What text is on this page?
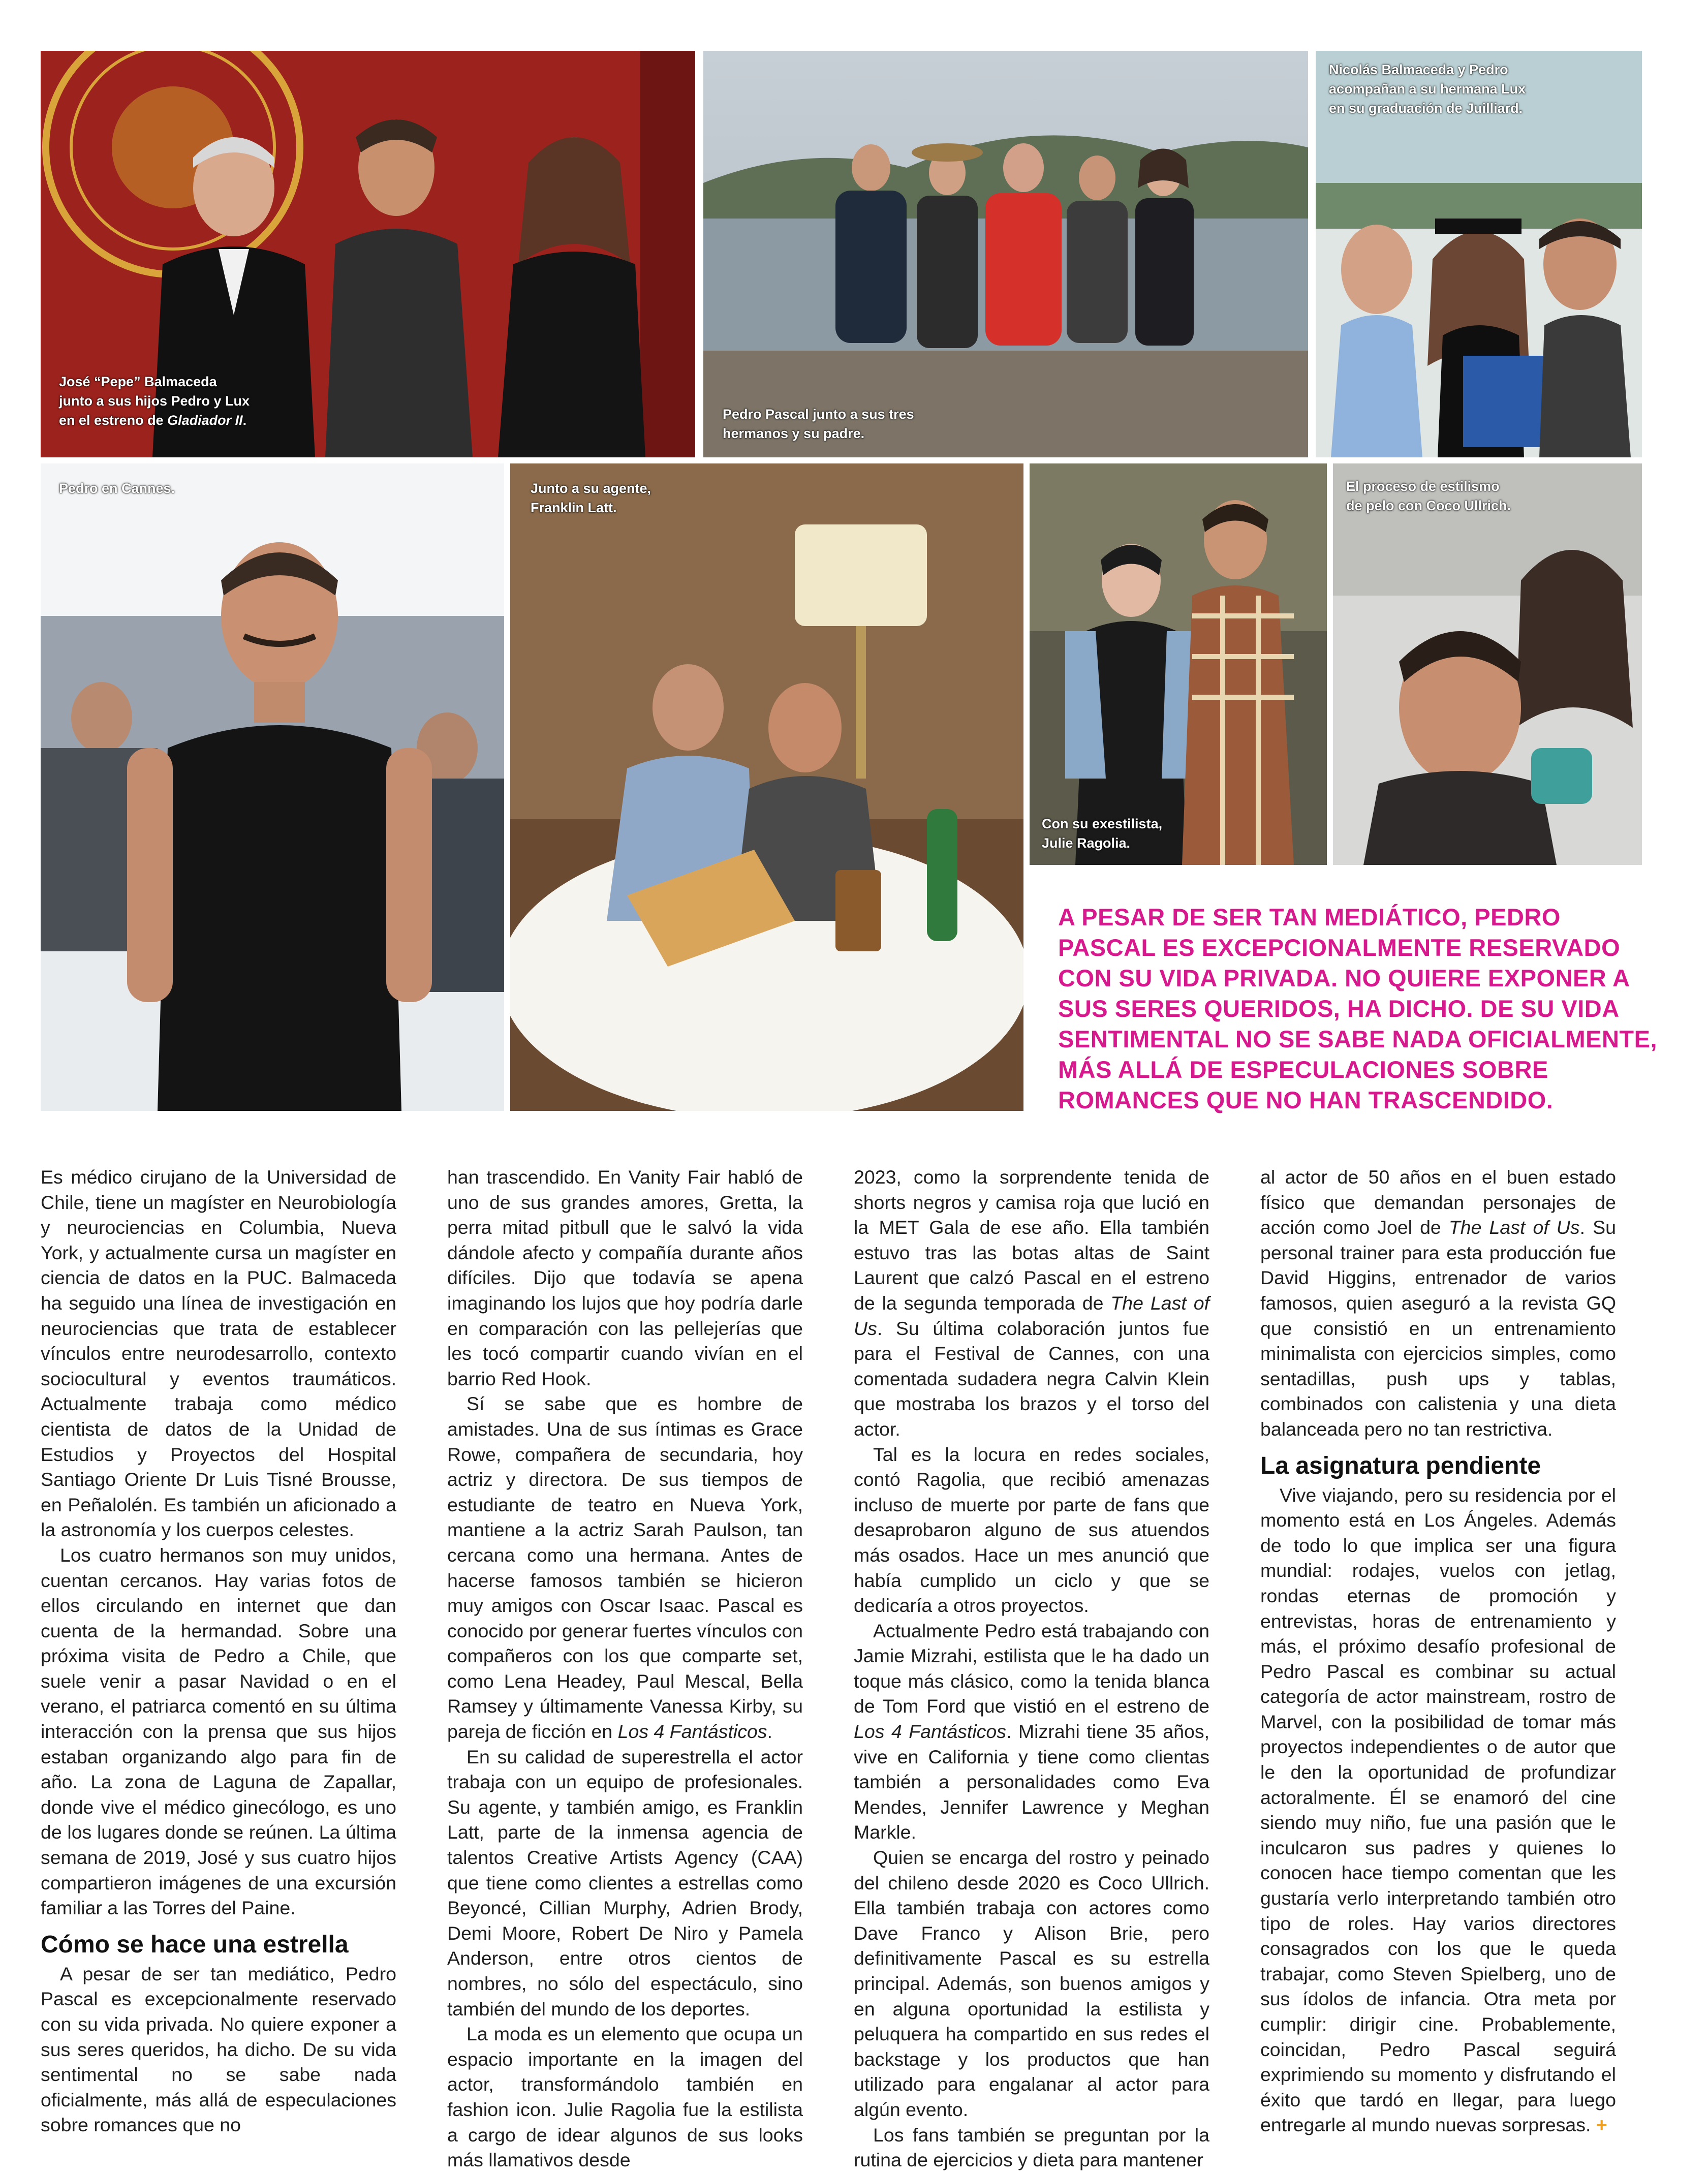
José “Pepe” Balmaceda
junto a sus hijos Pedro y Lux
en el estreno de Gladiador II.	Pedro Pascal junto a sus tres
hermanos y su padre.
Nicolás Balmaceda y Pedro
acompañan a su hermana Lux
en su graduación de Juilliard.
Pedro en Cannes.	Junto a su agente,
Franklin Latt.
Con su exestilista,
Julie Ragolia.
El proceso de estilismo
de pelo con Coco Ullrich.
A PESAR DE SER TAN MEDIÁTICO, PEDRO PASCAL ES EXCEPCIONALMENTE RESERVADO CON SU VIDA PRIVADA. NO QUIERE EXPONER A SUS SERES QUERIDOS, HA DICHO. DE SU VIDA SENTIMENTAL NO SE SABE NADA OFICIALMENTE, MÁS ALLÁ DE ESPECULACIONES SOBRE ROMANCES QUE NO HAN TRASCENDIDO.

Es médico cirujano de la Universidad de Chile, tiene un magíster en Neurobiología y neurociencias en Columbia, Nueva York, y actualmente cursa un magíster en ciencia de datos en la PUC. Balmaceda ha seguido una línea de investigación en neurociencias que trata de establecer vínculos entre neurodesarrollo, contexto sociocultural y eventos traumáticos. Actualmente trabaja como médico cientista de datos de la Unidad de Estudios y Proyectos del Hospital Santiago Oriente Dr Luis Tisné Brousse, en Peñalolén. Es también un aficionado a la astronomía y los cuerpos celestes.

Los cuatro hermanos son muy unidos, cuentan cercanos. Hay varias fotos de ellos circulando en internet que dan cuenta de la hermandad. Sobre una próxima visita de Pedro a Chile, que suele venir a pasar Navidad o en el verano, el patriarca comentó en su última interacción con la prensa que sus hijos estaban organizando algo para fin de año. La zona de Laguna de Zapallar, donde vive el médico ginecólogo, es uno de los lugares donde se reúnen. La última semana de 2019, José y sus cuatro hijos compartieron imágenes de una excursión familiar a las Torres del Paine.

Cómo se hace una estrella

A pesar de ser tan mediático, Pedro Pascal es excepcionalmente reservado con su vida privada. No quiere exponer a sus seres queridos, ha dicho. De su vida sentimental no se sabe nada oficialmente, más allá de especulaciones sobre romances que no

han trascendido. En Vanity Fair habló de uno de sus grandes amores, Gretta, la perra mitad pitbull que le salvó la vida dándole afecto y compañía durante años difíciles. Dijo que todavía se apena imaginando los lujos que hoy podría darle en comparación con las pellejerías que les tocó compartir cuando vivían en el barrio Red Hook.

Sí se sabe que es hombre de amistades. Una de sus íntimas es Grace Rowe, compañera de secundaria, hoy actriz y directora. De sus tiempos de estudiante de teatro en Nueva York, mantiene a la actriz Sarah Paulson, tan cercana como una hermana. Antes de hacerse famosos también se hicieron muy amigos con Oscar Isaac. Pascal es conocido por generar fuertes vínculos con compañeros con los que comparte set, como Lena Headey, Paul Mescal, Bella Ramsey y últimamente Vanessa Kirby, su pareja de ficción en Los 4 Fantásticos.

En su calidad de superestrella el actor trabaja con un equipo de profesionales. Su agente, y también amigo, es Franklin Latt, parte de la inmensa agencia de talentos Creative Artists Agency (CAA) que tiene como clientes a estrellas como Beyoncé, Cillian Murphy, Adrien Brody, Demi Moore, Robert De Niro y Pamela Anderson, entre otros cientos de nombres, no sólo del espectáculo, sino también del mundo de los deportes.

La moda es un elemento que ocupa un espacio importante en la imagen del actor, transformándolo también en fashion icon. Julie Ragolia fue la estilista a cargo de idear algunos de sus looks más llamativos desde

2023, como la sorprendente tenida de shorts negros y camisa roja que lució en la MET Gala de ese año. Ella también estuvo tras las botas altas de Saint Laurent que calzó Pascal en el estreno de la segunda temporada de The Last of Us. Su última colaboración juntos fue para el Festival de Cannes, con una comentada sudadera negra Calvin Klein que mostraba los brazos y el torso del actor.

Tal es la locura en redes sociales, contó Ragolia, que recibió amenazas incluso de muerte por parte de fans que desaprobaron alguno de sus atuendos más osados. Hace un mes anunció que había cumplido un ciclo y que se dedicaría a otros proyectos.

Actualmente Pedro está trabajando con Jamie Mizrahi, estilista que le ha dado un toque más clásico, como la tenida blanca de Tom Ford que vistió en el estreno de Los 4 Fantásticos. Mizrahi tiene 35 años, vive en California y tiene como clientas también a personalidades como Eva Mendes, Jennifer Lawrence y Meghan Markle.

Quien se encarga del rostro y peinado del chileno desde 2020 es Coco Ullrich. Ella también trabaja con actores como Dave Franco y Alison Brie, pero definitivamente Pascal es su estrella principal. Además, son buenos amigos y en alguna oportunidad la estilista y peluquera ha compartido en sus redes el backstage y los productos que han utilizado para engalanar al actor para algún evento.

Los fans también se preguntan por la rutina de ejercicios y dieta para mantener

al actor de 50 años en el buen estado físico que demandan personajes de acción como Joel de The Last of Us. Su personal trainer para esta producción fue David Higgins, entrenador de varios famosos, quien aseguró a la revista GQ que consistió en un entrenamiento minimalista con ejercicios simples, como sentadillas, push ups y tablas, combinados con calistenia y una dieta balanceada pero no tan restrictiva.

La asignatura pendiente

Vive viajando, pero su residencia por el momento está en Los Ángeles. Además de todo lo que implica ser una figura mundial: rodajes, vuelos con jetlag, rondas eternas de promoción y entrevistas, horas de entrenamiento y más, el próximo desafío profesional de Pedro Pascal es combinar su actual categoría de actor mainstream, rostro de Marvel, con la posibilidad de tomar más proyectos independientes o de autor que le den la oportunidad de profundizar actoralmente. Él se enamoró del cine siendo muy niño, fue una pasión que le inculcaron sus padres y quienes lo conocen hace tiempo comentan que les gustaría verlo interpretando también otro tipo de roles. Hay varios directores consagrados con los que le queda trabajar, como Steven Spielberg, uno de sus ídolos de infancia. Otra meta por cumplir: dirigir cine. Probablemente, coincidan, Pedro Pascal seguirá exprimiendo su momento y disfrutando el éxito que tardó en llegar, para luego entregarle al mundo nuevas sorpresas. +
